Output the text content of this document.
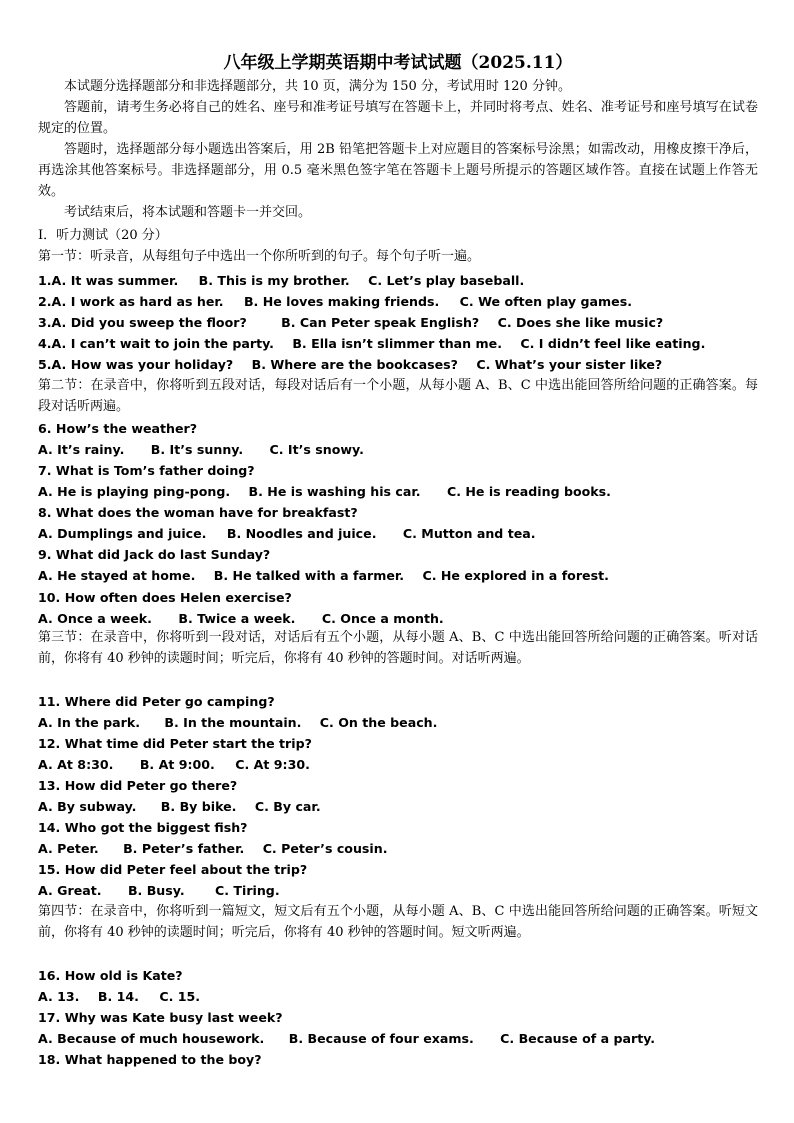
八年级上学期英语期中考试试题（2025.11）
本试题分选择题部分和非选择题部分，共 10 页，满分为 150 分，考试用时 120 分钟。
答题前，请考生务必将自己的姓名、座号和准考证号填写在答题卡上，并同时将考点、姓名、准考证号和座号填写在试卷规定的位置。
答题时，选择题部分每小题选出答案后，用 2B 铅笔把答题卡上对应题目的答案标号涂黑；如需改动，用橡皮擦干净后，再选涂其他答案标号。非选择题部分，用 0.5 毫米黑色签字笔在答题卡上题号所提示的答题区域作答。直接在试题上作答无效。
考试结束后，将本试题和答题卡一并交回。
Ⅰ．听力测试（20 分）
第一节：听录音，从每组句子中选出一个你所听到的句子。每个句子听一遍。
1.A. It was summer. B. This is my brother. C. Let’s play baseball.
2.A. I work as hard as her. B. He loves making friends. C. We often play games.
3.A. Did you sweep the floor?	B. Can Peter speak English? C. Does she like music?
4.A. I can’t wait to join the party. B. Ella isn’t slimmer than me. C. I didn’t feel like eating.
5.A. How was your holiday? B. Where are the bookcases? C. What’s your sister like?
第二节：在录音中，你将听到五段对话，每段对话后有一个小题，从每小题 A、B、C 中选出能回答所给问题的正确答案。每段对话听两遍。
6. How’s the weather?
A. It’s rainy. B. It’s sunny. C. It’s snowy.
7. What is Tom’s father doing?
A. He is playing ping-pong. B. He is washing his car. C. He is reading books.
8. What does the woman have for breakfast?
A. Dumplings and juice. B. Noodles and juice. C. Mutton and tea.
9. What did Jack do last Sunday?
A. He stayed at home. B. He talked with a farmer. C. He explored in a forest.
10. How often does Helen exercise?
A. Once a week. B. Twice a week. C. Once a month.
第三节：在录音中，你将听到一段对话，对话后有五个小题，从每小题 A、B、C 中选出能回答所给问题的正确答案。听对话前，你将有 40 秒钟的读题时间；听完后，你将有 40 秒钟的答题时间。对话听两遍。
11. Where did Peter go camping?
A. In the park. B. In the mountain. C. On the beach.
12. What time did Peter start the trip?
A. At 8:30. B. At 9:00. C. At 9:30.
13. How did Peter go there?
A. By subway. B. By bike. C. By car.
14. Who got the biggest fish?
A. Peter. B. Peter’s father. C. Peter’s cousin.
15. How did Peter feel about the trip?
A. Great. B. Busy. C. Tiring.
第四节：在录音中，你将听到一篇短文，短文后有五个小题，从每小题 A、B、C 中选出能回答所给问题的正确答案。听短文前，你将有 40 秒钟的读题时间；听完后，你将有 40 秒钟的答题时间。短文听两遍。
16. How old is Kate?
A. 13. B. 14. C. 15.
17. Why was Kate busy last week?
A. Because of much housework. B. Because of four exams. C. Because of a party.
18. What happened to the boy?
